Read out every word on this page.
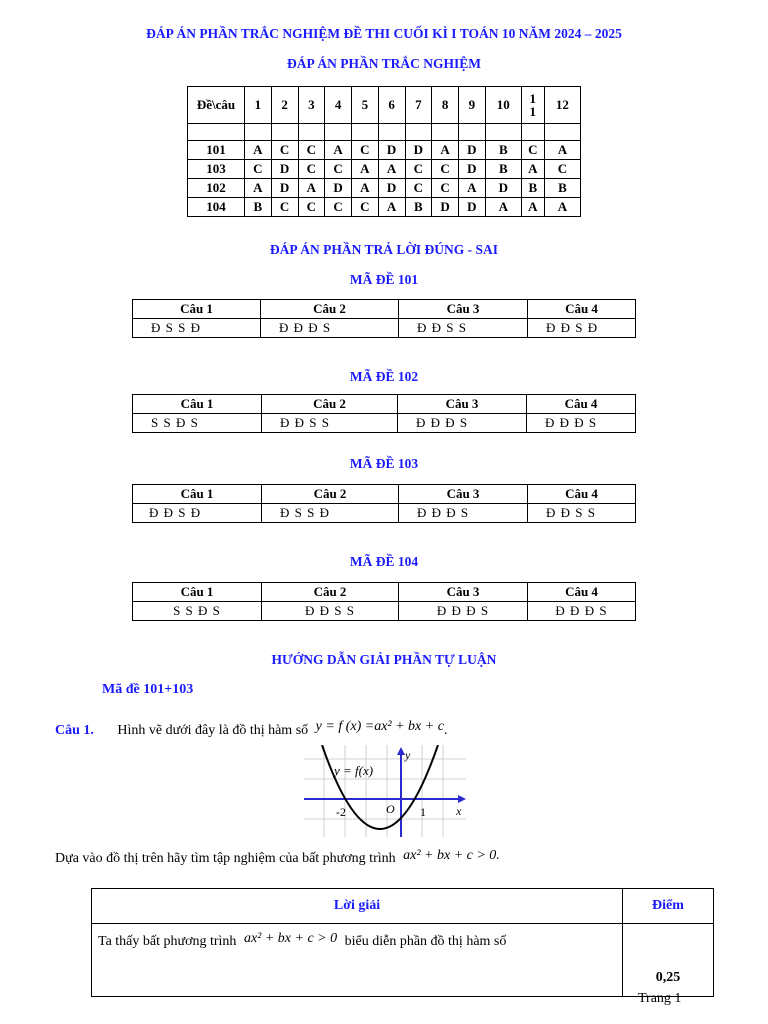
ĐÁP ÁN PHẦN TRẮC NGHIỆM ĐỀ THI CUỐI KÌ I TOÁN 10 NĂM 2024 – 2025
ĐÁP ÁN PHẦN TRẮC NGHIỆM
Đề\câu	1	2	3	4	5	6	7	8	9	10	1 1	12

101	A	C	C	A	C	D	D	A	D	B	C	A
103	C	D	C	C	A	A	C	C	D	B	A	C
102	A	D	A	D	A	D	C	C	A	D	B	B
104	B	C	C	C	C	A	B	D	D	A	A	A
ĐÁP ÁN PHẦN TRẢ LỜI ĐÚNG - SAI
MÃ ĐỀ 101
Câu 1	Câu 2	Câu 3	Câu 4
Đ S S Đ	Đ Đ Đ S	Đ Đ S S	Đ Đ S Đ
MÃ ĐỀ 102
Câu 1	Câu 2	Câu 3	Câu 4
S S Đ S	Đ Đ S S	Đ Đ Đ S	Đ Đ Đ S
MÃ ĐỀ 103
Câu 1	Câu 2	Câu 3	Câu 4
Đ Đ S Đ	Đ S S Đ	Đ Đ Đ S	Đ Đ S S
MÃ ĐỀ 104
Câu 1	Câu 2	Câu 3	Câu 4
S S Đ S	Đ Đ S S	Đ Đ Đ S	Đ Đ Đ S
HƯỚNG DẪN GIẢI PHẦN TỰ LUẬN
Mã đề 101+103
Câu 1. Hình vẽ dưới đây là đồ thị hàm số y = f (x) =ax² + bx + c.
y = f(x)
y
x
O
-2	1
Dựa vào đồ thị trên hãy tìm tập nghiệm của bất phương trình ax² + bx + c > 0.
Lời giải	Điểm
Ta thấy bất phương trình ax² + bx + c > 0 biểu diễn phần đồ thị hàm số	0,25
Trang 1
